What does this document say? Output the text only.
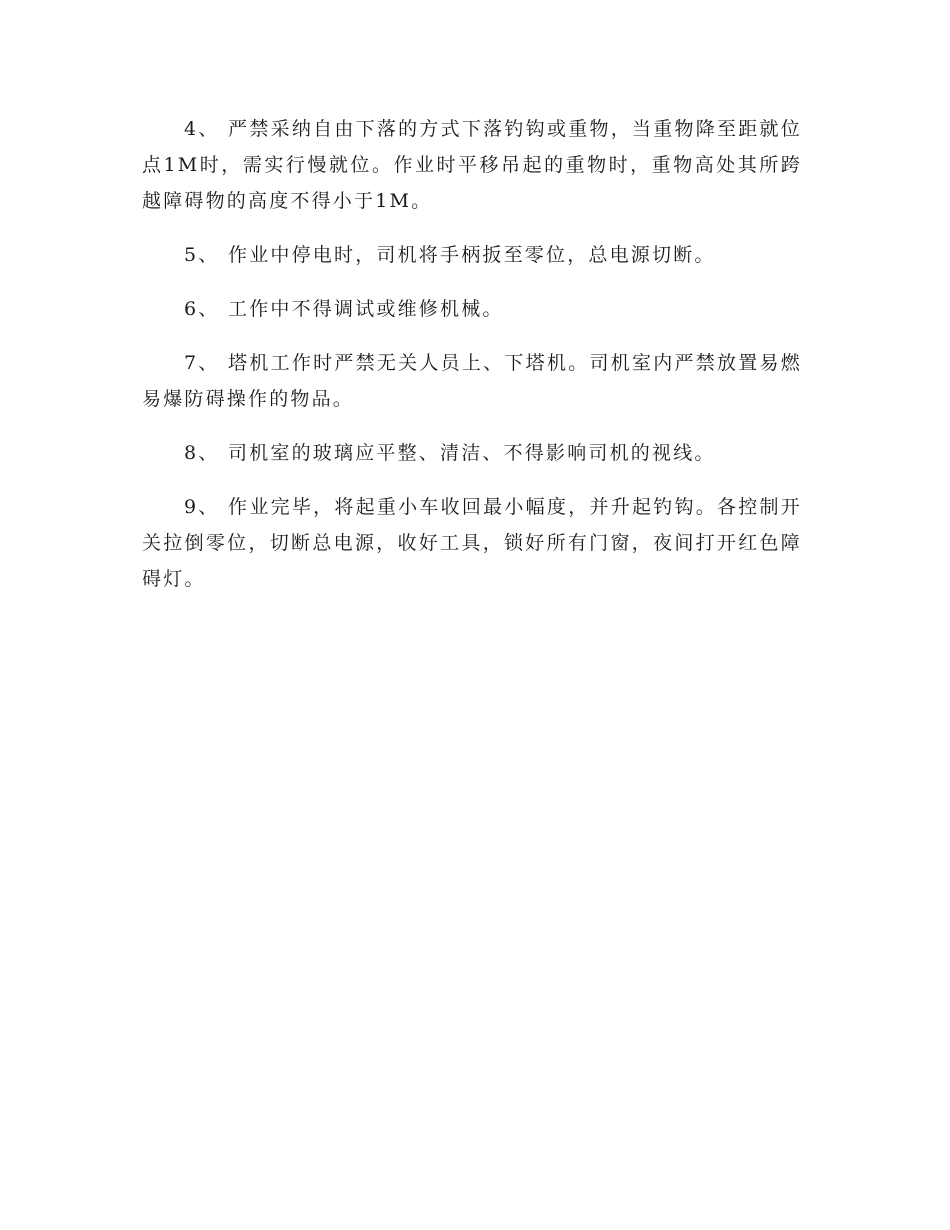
4、 严禁采纳自由下落的方式下落钓钩或重物，当重物降至距就位点1M时，需实行慢就位。作业时平移吊起的重物时，重物高处其所跨越障碍物的高度不得小于1M。

5、 作业中停电时，司机将手柄扳至零位，总电源切断。

6、 工作中不得调试或维修机械。

7、 塔机工作时严禁无关人员上、下塔机。司机室内严禁放置易燃易爆防碍操作的物品。

8、 司机室的玻璃应平整、清洁、不得影响司机的视线。

9、 作业完毕，将起重小车收回最小幅度，并升起钓钩。各控制开关拉倒零位，切断总电源，收好工具，锁好所有门窗，夜间打开红色障碍灯。
